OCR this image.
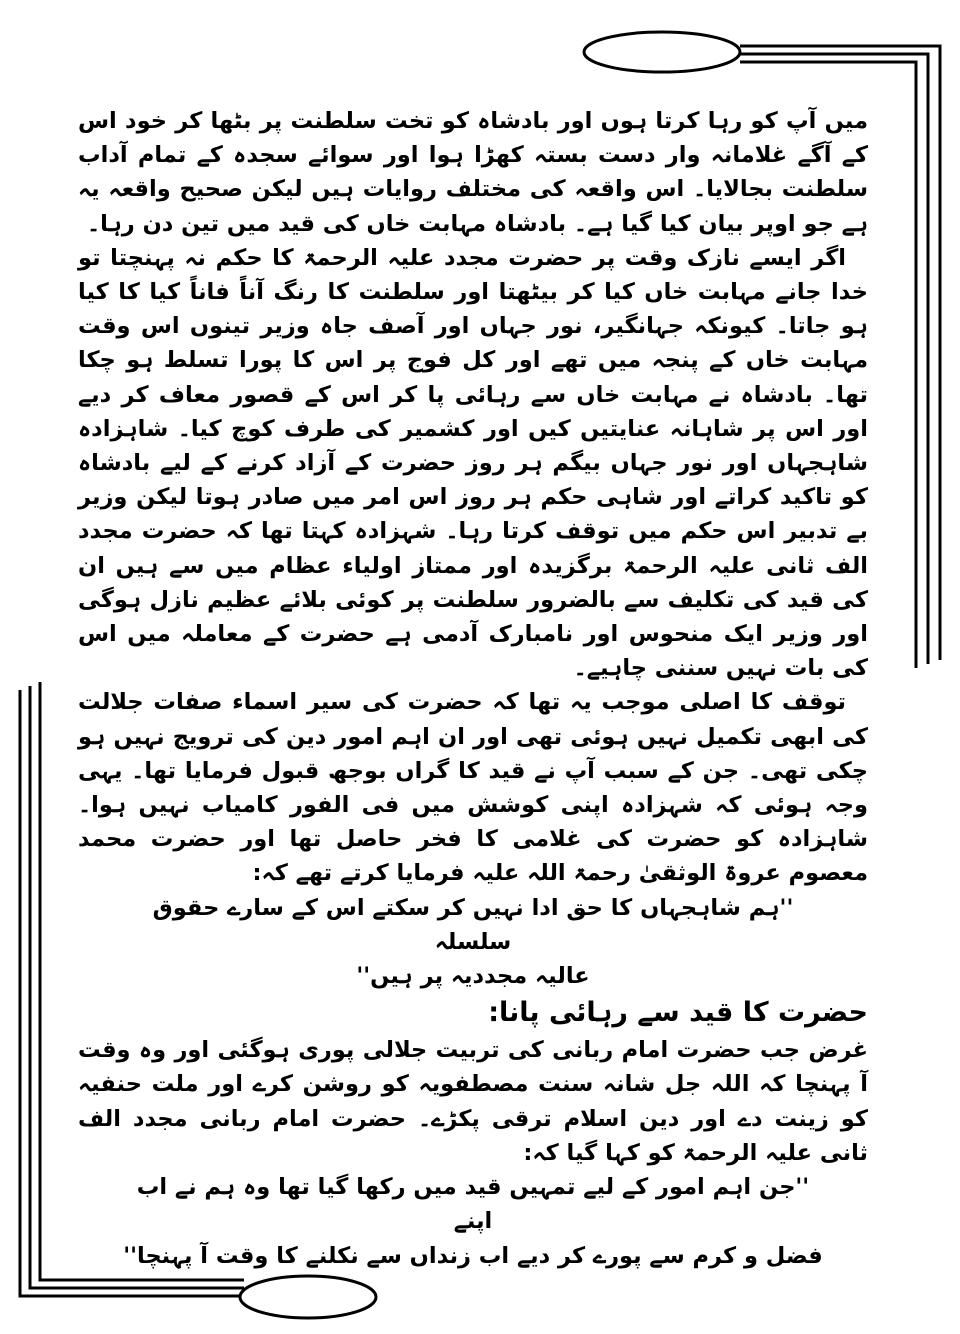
میں آپ کو رہا کرتا ہوں اور بادشاہ کو تخت سلطنت پر بٹھا کر خود اس کے آگے غلامانہ وار دست بستہ کھڑا ہوا اور سوائے سجدہ کے تمام آداب سلطنت بجالایا۔ اس واقعہ کی مختلف روایات ہیں لیکن صحیح واقعہ یہ ہے جو اوپر بیان کیا گیا ہے۔ بادشاہ مہابت خاں کی قید میں تین دن رہا۔

اگر ایسے نازک وقت پر حضرت مجدد علیہ الرحمۃ کا حکم نہ پہنچتا تو خدا جانے مہابت خاں کیا کر بیٹھتا اور سلطنت کا رنگ آناً فاناً کیا کا کیا ہو جاتا۔ کیونکہ جہانگیر، نور جہاں اور آصف جاہ وزیر تینوں اس وقت مہابت خاں کے پنجہ میں تھے اور کل فوج پر اس کا پورا تسلط ہو چکا تھا۔ بادشاہ نے مہابت خاں سے رہائی پا کر اس کے قصور معاف کر دیے اور اس پر شاہانہ عنایتیں کیں اور کشمیر کی طرف کوچ کیا۔ شاہزادہ شاہجہاں اور نور جہاں بیگم ہر روز حضرت کے آزاد کرنے کے لیے بادشاہ کو تاکید کراتے اور شاہی حکم ہر روز اس امر میں صادر ہوتا لیکن وزیر بے تدبیر اس حکم میں توقف کرتا رہا۔ شہزادہ کہتا تھا کہ حضرت مجدد الف ثانی علیہ الرحمۃ برگزیدہ اور ممتاز اولیاء عظام میں سے ہیں ان کی قید کی تکلیف سے بالضرور سلطنت پر کوئی بلائے عظیم نازل ہوگی اور وزیر ایک منحوس اور نامبارک آدمی ہے حضرت کے معاملہ میں اس کی بات نہیں سننی چاہیے۔

توقف کا اصلی موجب یہ تھا کہ حضرت کی سیر اسماء صفات جلالت کی ابھی تکمیل نہیں ہوئی تھی اور ان اہم امور دین کی ترویج نہیں ہو چکی تھی۔ جن کے سبب آپ نے قید کا گراں بوجھ قبول فرمایا تھا۔ یہی وجہ ہوئی کہ شہزادہ اپنی کوشش میں فی الفور کامیاب نہیں ہوا۔ شاہزادہ کو حضرت کی غلامی کا فخر حاصل تھا اور حضرت محمد معصوم عروۃ الوثقیٰ رحمۃ اللہ علیہ فرمایا کرتے تھے کہ:

''ہم شاہجہاں کا حق ادا نہیں کر سکتے اس کے سارے حقوق سلسلہ

عالیہ مجددیہ پر ہیں''

حضرت کا قید سے رہائی پانا:

غرض جب حضرت امام ربانی کی تربیت جلالی پوری ہوگئی اور وہ وقت آ پہنچا کہ اللہ جل شانہ سنت مصطفویہ کو روشن کرے اور ملت حنفیہ کو زینت دے اور دین اسلام ترقی پکڑے۔ حضرت امام ربانی مجدد الف ثانی علیہ الرحمۃ کو کہا گیا کہ:

''جن اہم امور کے لیے تمہیں قید میں رکھا گیا تھا وہ ہم نے اب اپنے

فضل و کرم سے پورے کر دیے اب زنداں سے نکلنے کا وقت آ پہنچا''
